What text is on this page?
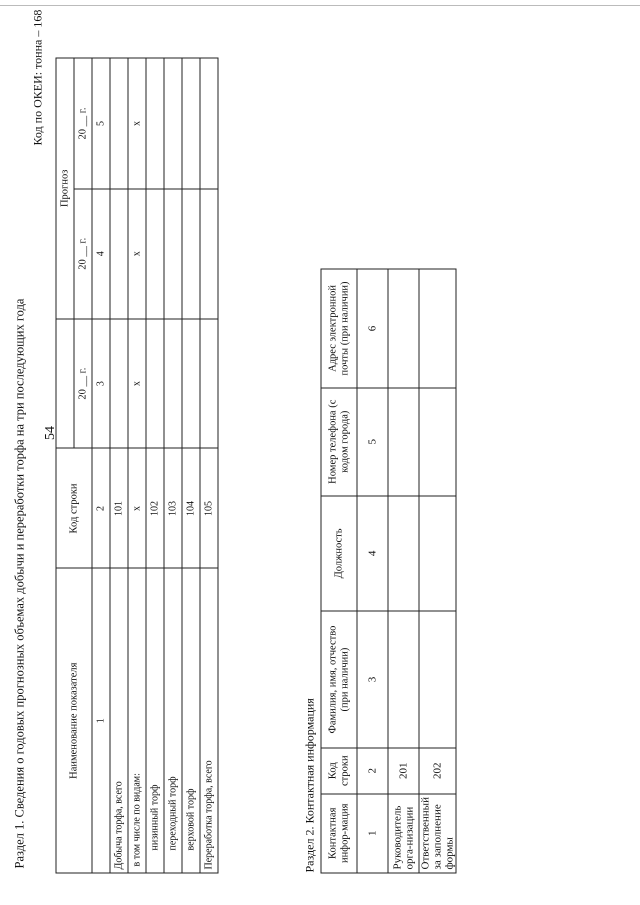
54
Раздел 1. Сведения о годовых прогнозных объемах добычи и переработки торфа на три последующих года
Код по ОКЕИ: тонна – 168
Наименование показателя	Код строки		Прогноз	
		20 __ г.	20 __ г.	20 __ г.
1	2	3	4	5
Добыча торфа, всего	101			
в том числе по видам:	х	х	х	х
низинный торф	102			
переходный торф	103			
верховой торф	104			
Переработка торфа, всего	105			
Раздел 2. Контактная информация Контактная инфор-мация	Код строки	Фамилия, имя, отчество (при наличии)	Должность	Номер телефона (с кодом города)	Адрес электронной почты (при наличии)
1	2	3	4	5	6
Руководитель орга-низации	201				
Ответственный за заполнение формы	202				
